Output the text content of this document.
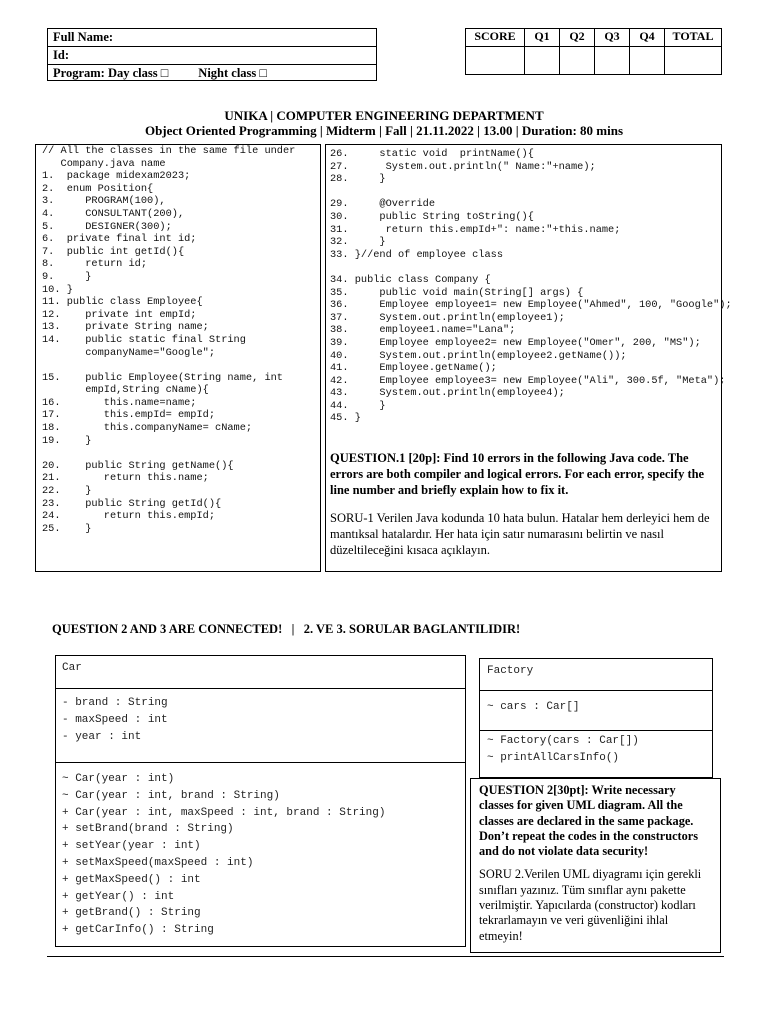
Full Name:
Id:
Program: Day class □ Night class □
SCORE	Q1	Q2	Q3	Q4	TOTAL

UNIKA | COMPUTER ENGINEERING DEPARTMENT
Object Oriented Programming | Midterm | Fall | 21.11.2022 | 13.00 | Duration: 80 mins
// All the classes in the same file under
Company.java name
1.  package midexam2023;
2.  enum Position{
3.     PROGRAM(100),
4.     CONSULTANT(200),
5.     DESIGNER(300);
6.  private final int id;
7.  public int getId(){
8.     return id;
9.     }
10. }
11. public class Employee{
12.    private int empId;
13.    private String name;
14.    public static final String
companyName="Google";

15.    public Employee(String name, int
empId,String cName){
16.       this.name=name;
17.       this.empId= empId;
18.       this.companyName= cName;
19.    }

20.    public String getName(){
21.       return this.name;
22.    }
23.    public String getId(){
24.       return this.empId;
25.    }
26.     static void  printName(){
27.      System.out.println(" Name:"+name);
28.     }

29.     @Override
30.     public String toString(){
31.      return this.empId+": name:"+this.name;
32.     }
33. }//end of employee class

34. public class Company {
35.     public void main(String[] args) {
36.     Employee employee1= new Employee("Ahmed", 100, "Google");
37.     System.out.println(employee1);
38.     employee1.name="Lana";
39.     Employee employee2= new Employee("Omer", 200, "MS");
40.     System.out.println(employee2.getName());
41.     Employee.getName();
42.     Employee employee3= new Employee("Ali", 300.5f, "Meta");
43.     System.out.println(employee4);
44.     }
45. }
QUESTION.1 [20p]: Find 10 errors in the following Java code. The errors are both compiler and logical errors. For each error, specify the line number and briefly explain how to fix it.
SORU-1 Verilen Java kodunda 10 hata bulun. Hatalar hem derleyici hem de mantıksal hatalardır. Her hata için satır numarasını belirtin ve nasıl düzeltileceğini kısaca açıklayın.
QUESTION 2 AND 3 ARE CONNECTED!   |   2. VE 3. SORULAR BAGLANTILIDIR!
Car
- brand : String
- maxSpeed : int
- year : int
~ Car(year : int)
~ Car(year : int, brand : String)
+ Car(year : int, maxSpeed : int, brand : String)
+ setBrand(brand : String)
+ setYear(year : int)
+ setMaxSpeed(maxSpeed : int)
+ getMaxSpeed() : int
+ getYear() : int
+ getBrand() : String
+ getCarInfo() : String
Factory
~ cars : Car[]
~ Factory(cars : Car[])
~ printAllCarsInfo()
QUESTION 2[30pt]: Write necessary classes for given UML diagram. All the classes are declared in the same package. Don’t repeat the codes in the constructors and do not violate data security!
SORU 2.Verilen UML diyagramı için gerekli sınıfları yazınız. Tüm sınıflar aynı pakette verilmiştir. Yapıcılarda (constructor) kodları tekrarlamayın ve veri güvenliğini ihlal etmeyin!
